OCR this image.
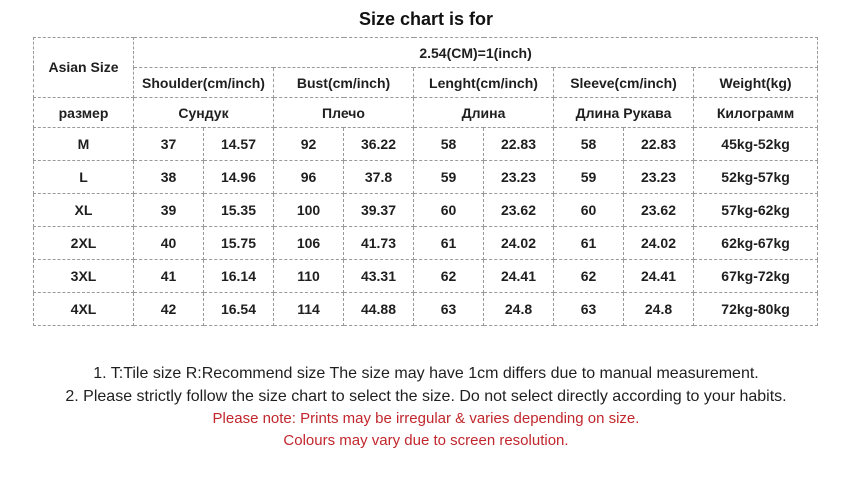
Size chart is for
Asian Size	2.54(CM)=1(inch)								
	Shoulder(cm/inch)		Bust(cm/inch)		Lenght(cm/inch)		Sleeve(cm/inch)		Weight(kg)
размер	Сундук		Плечо		Длина		Длина Рукава		Килограмм
M	37	14.57	92	36.22	58	22.83	58	22.83	45kg-52kg
L	38	14.96	96	37.8	59	23.23	59	23.23	52kg-57kg
XL	39	15.35	100	39.37	60	23.62	60	23.62	57kg-62kg
2XL	40	15.75	106	41.73	61	24.02	61	24.02	62kg-67kg
3XL	41	16.14	110	43.31	62	24.41	62	24.41	67kg-72kg
4XL	42	16.54	114	44.88	63	24.8	63	24.8	72kg-80kg
1. T:Tile size R:Recommend size The size may have 1cm differs due to manual measurement.
2. Please strictly follow the size chart to select the size. Do not select directly according to your habits.
Please note: Prints may be irregular & varies depending on size.
Colours may vary due to screen resolution.
